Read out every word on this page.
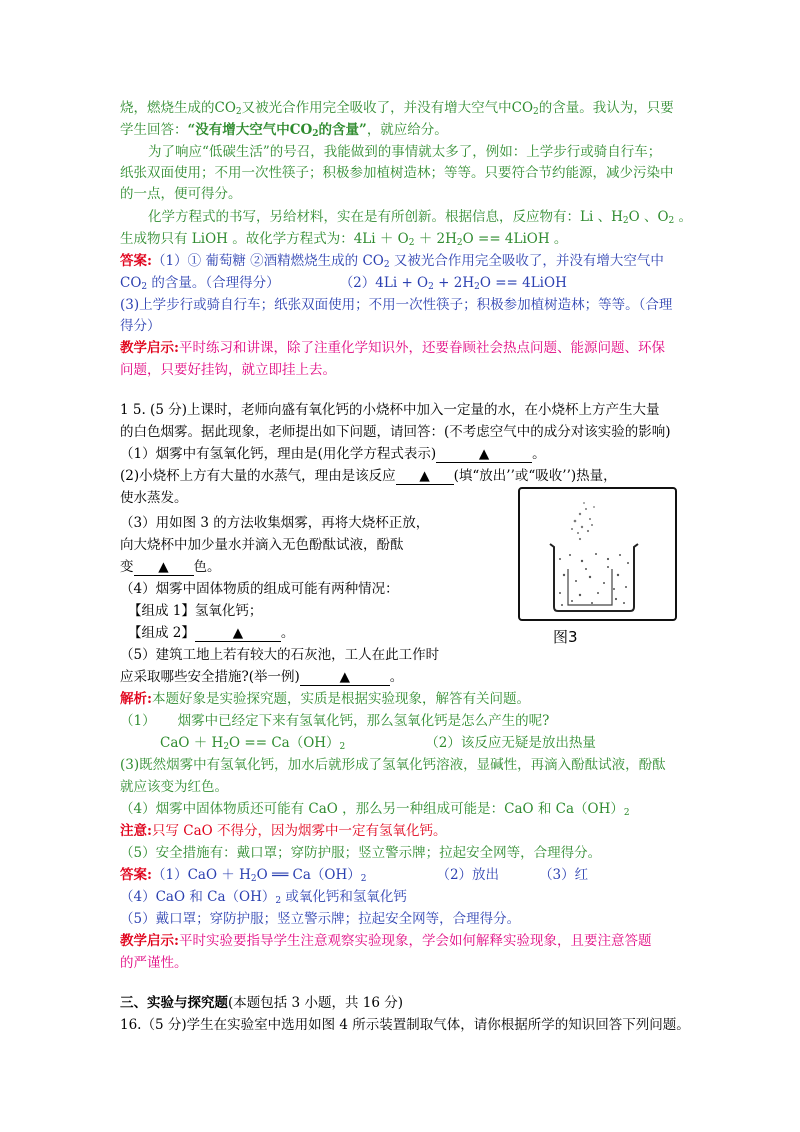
烧，燃烧生成的$CO_2$又被光合作用完全吸收了，并没有增大空气中$CO_2$的含量。我认为，只要
学生回答：“没有增大空气中$CO_2$的含量”，就应给分。
为了响应“低碳生活”的号召，我能做到的事情就太多了，例如：上学步行或骑自行车；
纸张双面使用；不用一次性筷子；积极参加植树造林；等等。只要符合节约能源，减少污染中
的一点，便可得分。
化学方程式的书写，另给材料，实在是有所创新。根据信息，反应物有：Li 、$H_2O$ 、$O_2$ 。
生成物只有 LiOH 。故化学方程式为：$4Li + O_2 + 2H_2O$ == 4LiOH 。
答案:（1）① 葡萄糖 ②酒精燃烧生成的 $CO_2$ 又被光合作用完全吸收了，并没有增大空气中
$CO_2$ 的含量。（合理得分）	$(2)4Li + O_2 + 2H_2O$ == 4LiOH
(3)上学步行或骑自行车；纸张双面使用；不用一次性筷子；积极参加植树造林；等等。（合理
得分）
教学启示:平时练习和讲课，除了注重化学知识外，还要眷顾社会热点问题、能源问题、环保
问题，只要好挂钩，就立即挂上去。
1 5. (5 分)上课时，老师向盛有氧化钙的小烧杯中加入一定量的水，在小烧杯上方产生大量
的白色烟雾。据此现象，老师提出如下问题，请回答：(不考虑空气中的成分对该实验的影响)
（1）烟雾中有氢氧化钙，理由是(用化学方程式表示)	▲	。
(2)小烧杯上方有大量的水蒸气，理由是该反应 ▲ (填“放出’’或“吸收’’)热量，
使水蒸发。
（3）用如图 3 的方法收集烟雾，再将大烧杯正放，
向大烧杯中加少量水并滴入无色酚酞试液，酚酞
变 ▲ 色。
（4）烟雾中固体物质的组成可能有两种情况：
【组成 1】氢氧化钙；
【组成 2】	▲	。
（5）建筑工地上若有较大的石灰池，工人在此工作时
应采取哪些安全措施?(举一例)	▲	。
图3
解析:本题好象是实验探究题，实质是根据实验现象，解答有关问题。
（1） 烟雾中已经定下来有氢氧化钙，那么氢氧化钙是怎么产生的呢?
CaO ＋ $H_2O == Ca(OH)_2$	（2）该反应无疑是放出热量
(3)既然烟雾中有氢氧化钙，加水后就形成了氢氧化钙溶液，显碱性，再滴入酚酞试液，酚酞
就应该变为红色。
（4）烟雾中固体物质还可能有 CaO ，那么另一种组成可能是：CaO 和 $Ca(OH)_2$
注意:只写 CaO 不得分，因为烟雾中一定有氢氧化钙。
（5）安全措施有：戴口罩；穿防护服；竖立警示牌；拉起安全网等，合理得分。
答案:（1）CaO ＋ $H_2O$ ══ $Ca(OH)_2$	（2）放出	（3）红
（4）CaO 和 $Ca(OH)_2$ 或氧化钙和氢氧化钙
（5）戴口罩；穿防护服；竖立警示牌；拉起安全网等，合理得分。
教学启示:平时实验要指导学生注意观察实验现象，学会如何解释实验现象，且要注意答题
的严谨性。
三、实验与探究题(本题包括 3 小题，共 16 分)
16.（5 分)学生在实验室中选用如图 4 所示装置制取气体，请你根据所学的知识回答下列问题。
